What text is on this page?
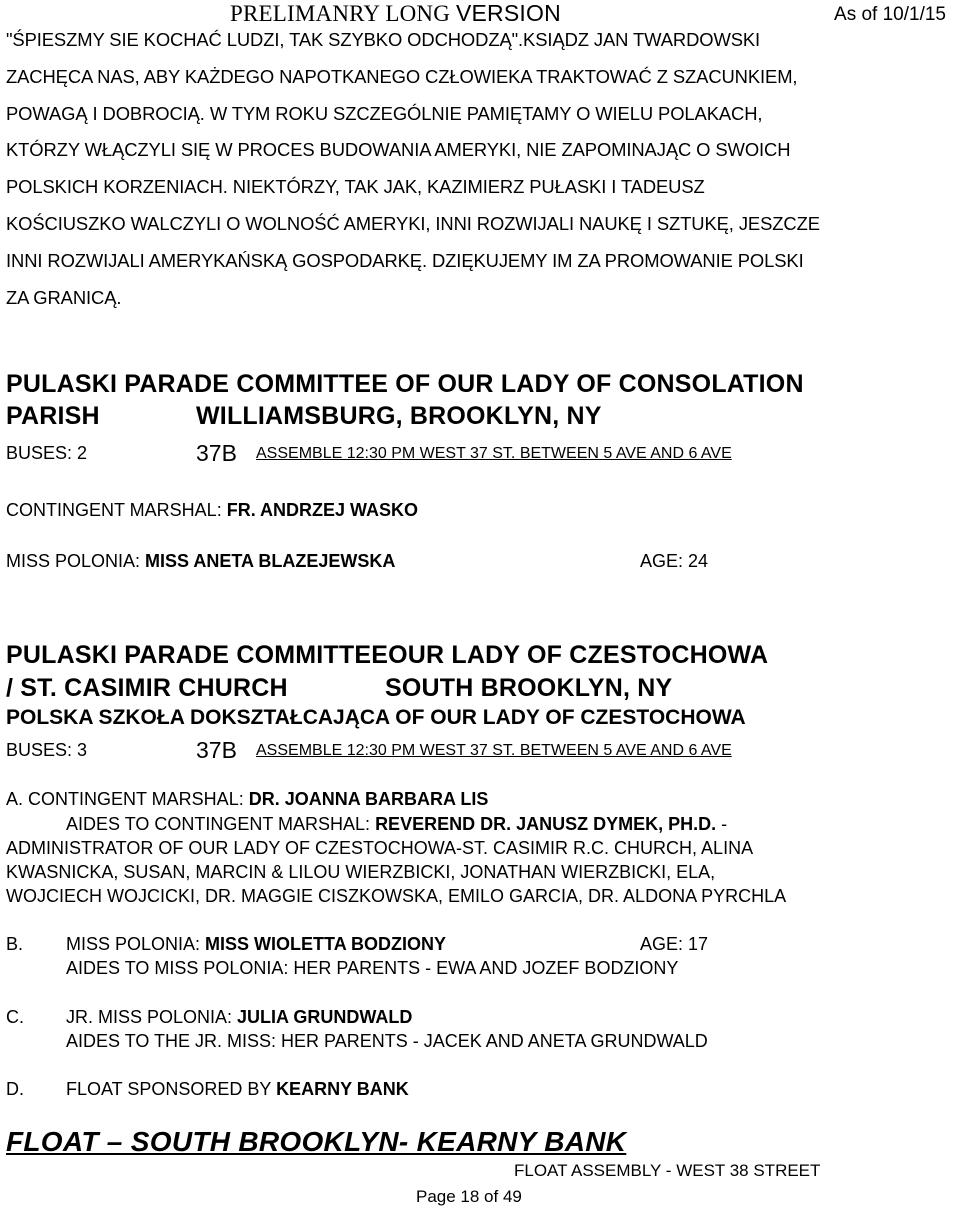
PRELIMANRY LONG VERSION	As of 10/1/15
"ŚPIESZMY SIE KOCHAĆ LUDZI, TAK SZYBKO ODCHODZĄ".KSIĄDZ JAN TWARDOWSKI
ZACHĘCA NAS, ABY KAŻDEGO NAPOTKANEGO CZŁOWIEKA TRAKTOWAĆ Z SZACUNKIEM,
POWAGĄ I DOBROCIĄ. W TYM ROKU SZCZEGÓLNIE PAMIĘTAMY O WIELU POLAKACH,
KTÓRZY WŁĄCZYLI SIĘ W PROCES BUDOWANIA AMERYKI, NIE ZAPOMINAJĄC O SWOICH
POLSKICH KORZENIACH. NIEKTÓRZY, TAK JAK, KAZIMIERZ PUŁASKI I TADEUSZ
KOŚCIUSZKO WALCZYLI O WOLNOŚĆ AMERYKI, INNI ROZWIJALI NAUKĘ I SZTUKĘ, JESZCZE
INNI ROZWIJALI AMERYKAŃSKĄ GOSPODARKĘ. DZIĘKUJEMY IM ZA PROMOWANIE POLSKI
ZA GRANICĄ.
PULASKI PARADE COMMITTEE OF OUR LADY OF CONSOLATION
PARISH	WILLIAMSBURG, BROOKLYN, NY
BUSES: 2	37B ASSEMBLE 12:30 PM WEST 37 ST. BETWEEN 5 AVE AND 6 AVE
CONTINGENT MARSHAL: FR. ANDRZEJ WASKO
MISS POLONIA: MISS ANETA BLAZEJEWSKA	AGE: 24
PULASKI PARADE COMMITTEEOUR LADY OF CZESTOCHOWA
/ ST. CASIMIR CHURCH	SOUTH BROOKLYN, NY
POLSKA SZKOŁA DOKSZTAŁCAJĄCA OF OUR LADY OF CZESTOCHOWA
BUSES: 3	37B ASSEMBLE 12:30 PM WEST 37 ST. BETWEEN 5 AVE AND 6 AVE
A. CONTINGENT MARSHAL: DR. JOANNA BARBARA LIS
AIDES TO CONTINGENT MARSHAL: REVEREND DR. JANUSZ DYMEK, PH.D. -
ADMINISTRATOR OF OUR LADY OF CZESTOCHOWA-ST. CASIMIR R.C. CHURCH, ALINA
KWASNICKA, SUSAN, MARCIN & LILOU WIERZBICKI, JONATHAN WIERZBICKI, ELA,
WOJCIECH WOJCICKI, DR. MAGGIE CISZKOWSKA, EMILO GARCIA, DR. ALDONA PYRCHLA
B. MISS POLONIA: MISS WIOLETTA BODZIONY	AGE: 17
AIDES TO MISS POLONIA: HER PARENTS - EWA AND JOZEF BODZIONY
C. JR. MISS POLONIA: JULIA GRUNDWALD
AIDES TO THE JR. MISS: HER PARENTS - JACEK AND ANETA GRUNDWALD
D. FLOAT SPONSORED BY KEARNY BANK
FLOAT – SOUTH BROOKLYN- KEARNY BANK
FLOAT ASSEMBLY - WEST 38 STREET
Page 18 of 49
